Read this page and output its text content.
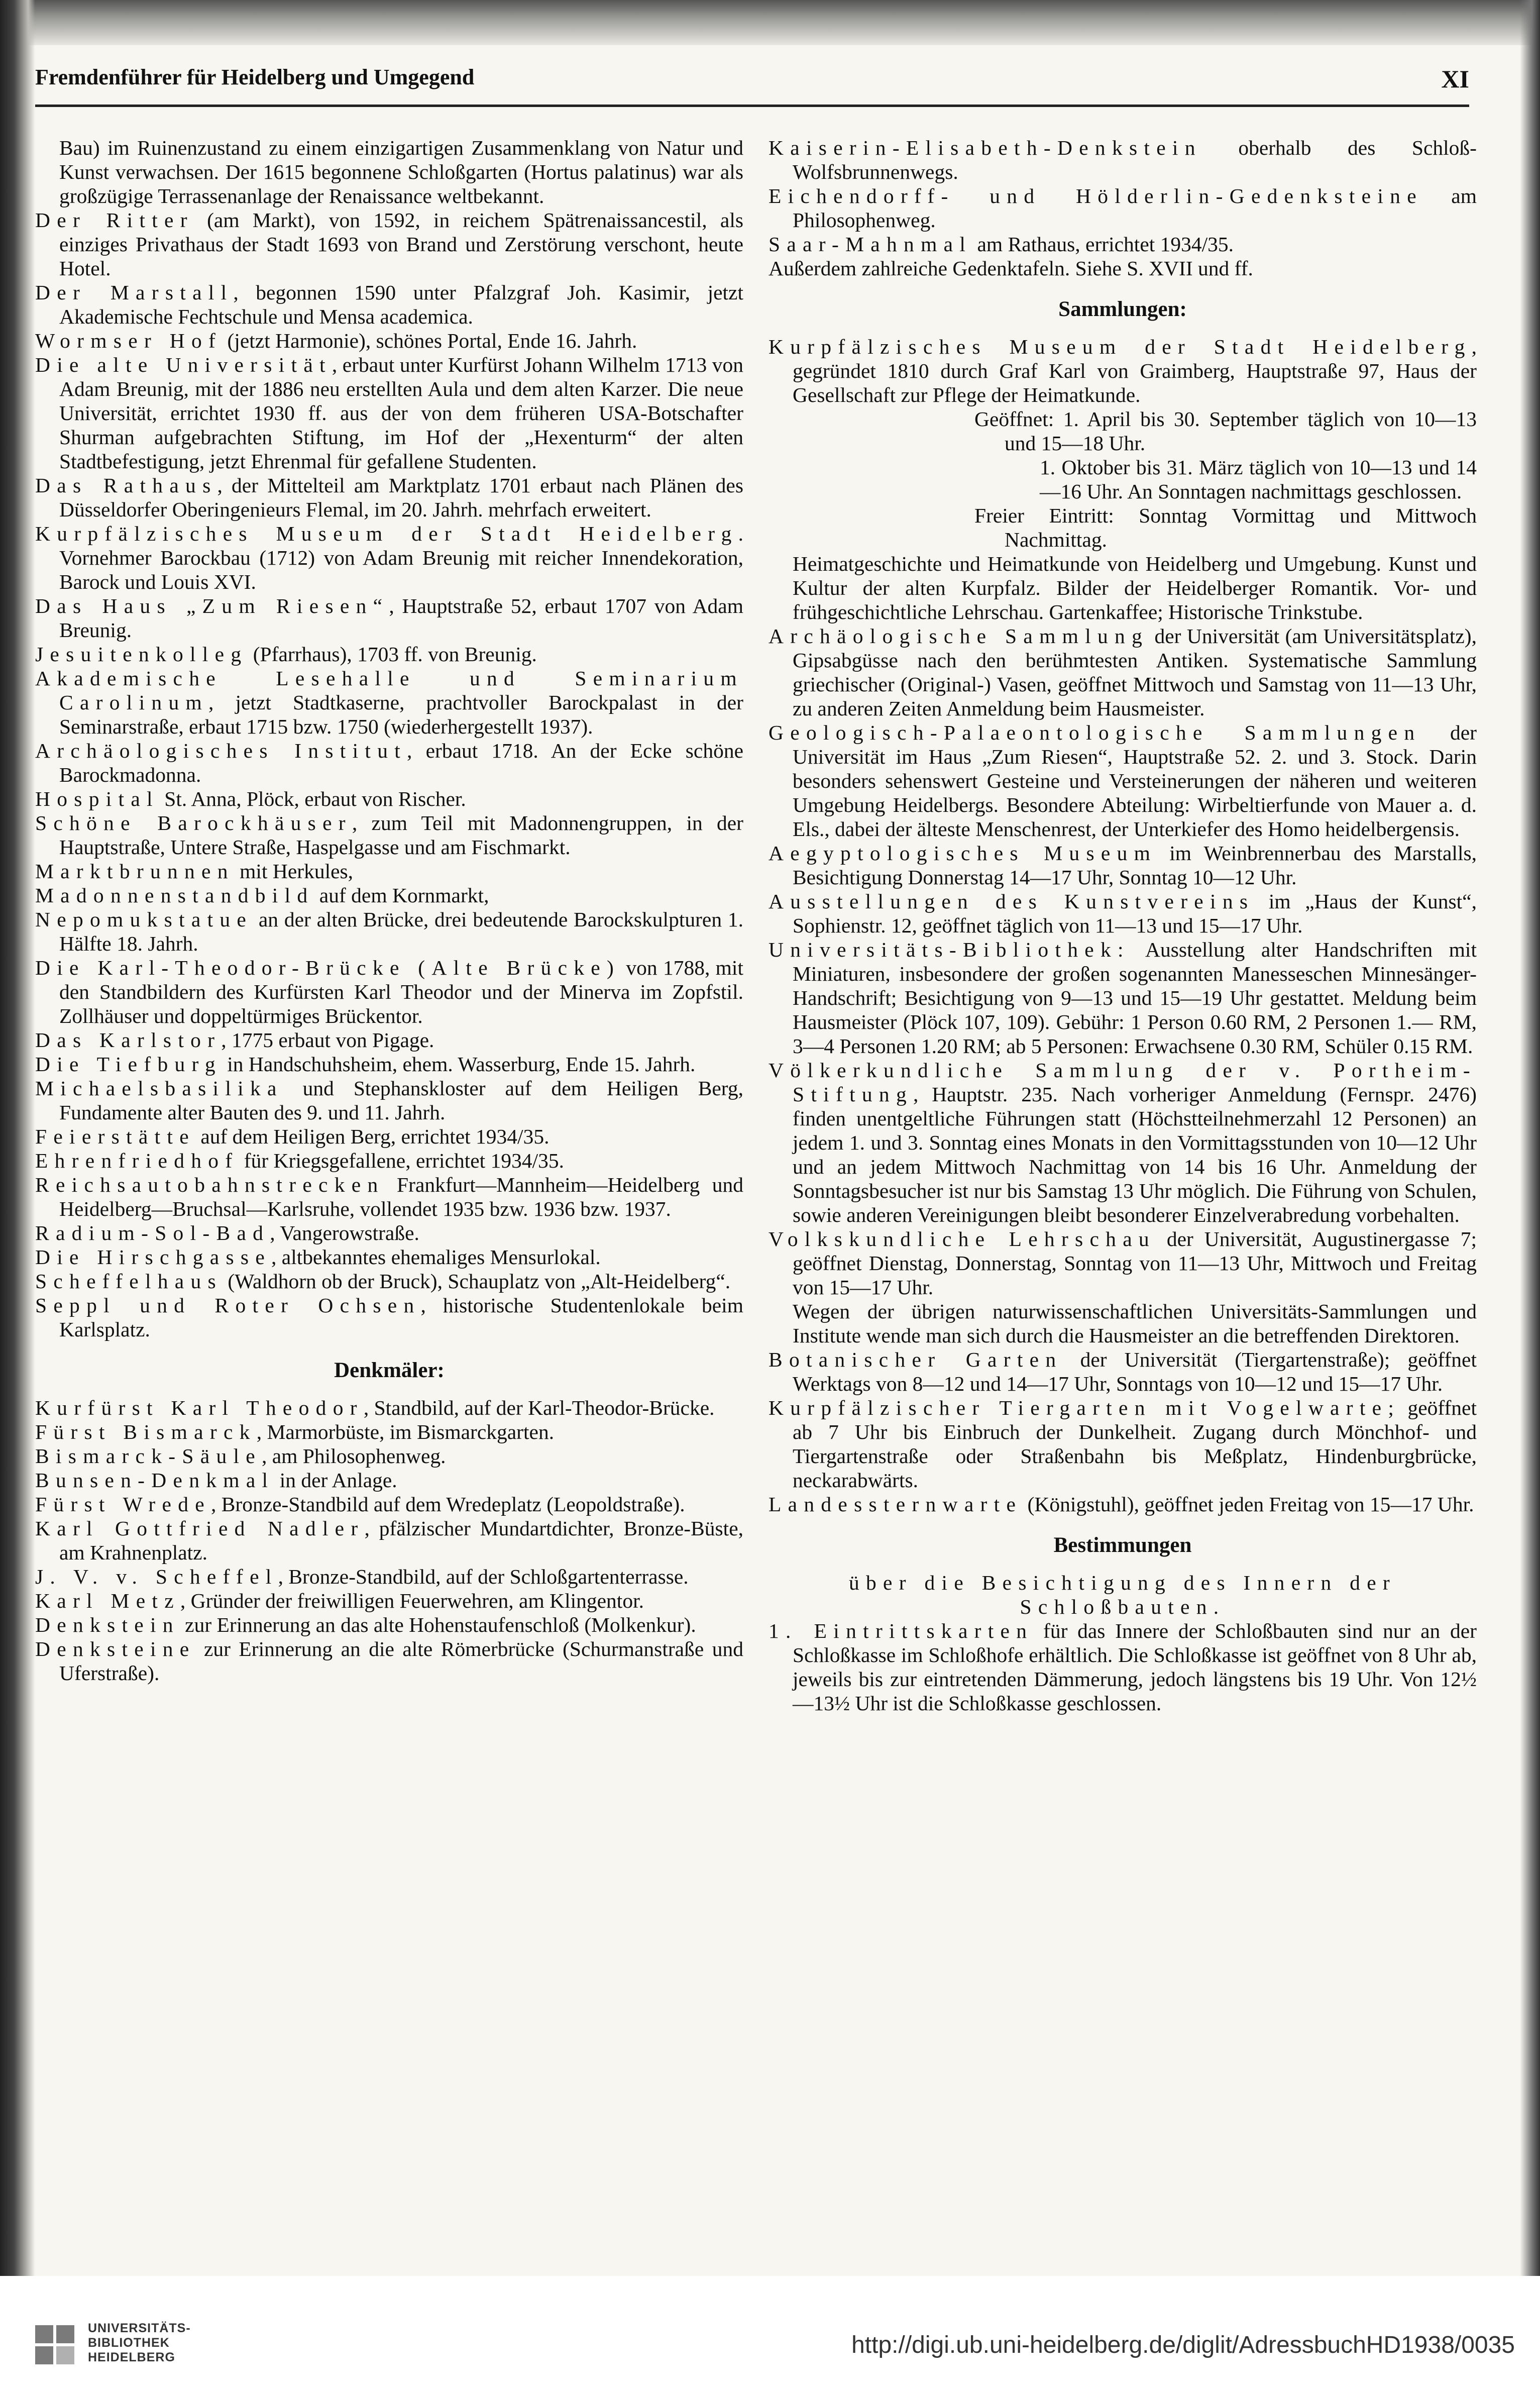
Fremdenführer für Heidelberg und Umgegend	XI

Bau) im Ruinenzustand zu einem einzigartigen Zusammenklang von Natur und Kunst verwachsen. Der 1615 begonnene Schloßgarten (Hortus palatinus) war als großzügige Terrassenanlage der Renaissance weltbekannt.

Der Ritter (am Markt), von 1592, in reichem Spätrenaissancestil, als einziges Privathaus der Stadt 1693 von Brand und Zerstörung verschont, heute Hotel.

Der Marstall, begonnen 1590 unter Pfalzgraf Joh. Kasimir, jetzt Akademische Fechtschule und Mensa academica.

Wormser Hof (jetzt Harmonie), schönes Portal, Ende 16. Jahrh.

Die alte Universität, erbaut unter Kurfürst Johann Wilhelm 1713 von Adam Breunig, mit der 1886 neu erstellten Aula und dem alten Karzer. Die neue Universität, errichtet 1930 ff. aus der von dem früheren USA-Botschafter Shurman aufgebrachten Stiftung, im Hof der „Hexenturm“ der alten Stadtbefestigung, jetzt Ehrenmal für gefallene Studenten.

Das Rathaus, der Mittelteil am Marktplatz 1701 erbaut nach Plänen des Düsseldorfer Oberingenieurs Flemal, im 20. Jahrh. mehrfach erweitert.

Kurpfälzisches Museum der Stadt Heidelberg. Vornehmer Barockbau (1712) von Adam Breunig mit reicher Innendekoration, Barock und Louis XVI.

Das Haus „Zum Riesen“, Hauptstraße 52, erbaut 1707 von Adam Breunig.

Jesuitenkolleg (Pfarrhaus), 1703 ff. von Breunig.

Akademische Lesehalle und Seminarium Carolinum, jetzt Stadtkaserne, prachtvoller Barockpalast in der Seminarstraße, erbaut 1715 bzw. 1750 (wiederhergestellt 1937).

Archäologisches Institut, erbaut 1718. An der Ecke schöne Barockmadonna.

Hospital St. Anna, Plöck, erbaut von Rischer.

Schöne Barockhäuser, zum Teil mit Madonnengruppen, in der Hauptstraße, Untere Straße, Haspelgasse und am Fischmarkt.

Marktbrunnen mit Herkules,

Madonnenstandbild auf dem Kornmarkt,

Nepomukstatue an der alten Brücke, drei bedeutende Barockskulpturen 1. Hälfte 18. Jahrh.

Die Karl-Theodor-Brücke (Alte Brücke) von 1788, mit den Standbildern des Kurfürsten Karl Theodor und der Minerva im Zopfstil. Zollhäuser und doppeltürmiges Brückentor.

Das Karlstor, 1775 erbaut von Pigage.

Die Tiefburg in Handschuhsheim, ehem. Wasserburg, Ende 15. Jahrh.

Michaelsbasilika und Stephanskloster auf dem Heiligen Berg, Fundamente alter Bauten des 9. und 11. Jahrh.

Feierstätte auf dem Heiligen Berg, errichtet 1934/35.

Ehrenfriedhof für Kriegsgefallene, errichtet 1934/35.

Reichsautobahnstrecken Frankfurt—Mannheim—Heidelberg und Heidelberg—Bruchsal—Karlsruhe, vollendet 1935 bzw. 1936 bzw. 1937.

Radium-Sol-Bad, Vangerowstraße.

Die Hirschgasse, altbekanntes ehemaliges Mensurlokal.

Scheffelhaus (Waldhorn ob der Bruck), Schauplatz von „Alt-Heidelberg“.

Seppl und Roter Ochsen, historische Studentenlokale beim Karlsplatz.

Denkmäler:

Kurfürst Karl Theodor, Standbild, auf der Karl-Theodor-Brücke.

Fürst Bismarck, Marmorbüste, im Bismarckgarten.

Bismarck-Säule, am Philosophenweg.

Bunsen-Denkmal in der Anlage.

Fürst Wrede, Bronze-Standbild auf dem Wredeplatz (Leopoldstraße).

Karl Gottfried Nadler, pfälzischer Mundartdichter, Bronze-Büste, am Krahnenplatz.

J. V. v. Scheffel, Bronze-Standbild, auf der Schloßgartenterrasse.

Karl Metz, Gründer der freiwilligen Feuerwehren, am Klingentor.

Denkstein zur Erinnerung an das alte Hohenstaufenschloß (Molkenkur).

Denksteine zur Erinnerung an die alte Römerbrücke (Schurmanstraße und Uferstraße).

Kaiserin-Elisabeth-Denkstein oberhalb des Schloß-Wolfsbrunnenwegs.

Eichendorff- und Hölderlin-Gedenksteine am Philosophenweg.

Saar-Mahnmal am Rathaus, errichtet 1934/35.

Außerdem zahlreiche Gedenktafeln. Siehe S. XVII und ff.

Sammlungen:

Kurpfälzisches Museum der Stadt Heidelberg, gegründet 1810 durch Graf Karl von Graimberg, Hauptstraße 97, Haus der Gesellschaft zur Pflege der Heimatkunde.

Geöffnet: 1. April bis 30. September täglich von 10—13 und 15—18 Uhr.

1. Oktober bis 31. März täglich von 10—13 und 14—16 Uhr. An Sonntagen nachmittags geschlossen.

Freier Eintritt: Sonntag Vormittag und Mittwoch Nachmittag.

Heimatgeschichte und Heimatkunde von Heidelberg und Umgebung. Kunst und Kultur der alten Kurpfalz. Bilder der Heidelberger Romantik. Vor- und frühgeschichtliche Lehrschau. Gartenkaffee; Historische Trinkstube.

Archäologische Sammlung der Universität (am Universitätsplatz), Gipsabgüsse nach den berühmtesten Antiken. Systematische Sammlung griechischer (Original-) Vasen, geöffnet Mittwoch und Samstag von 11—13 Uhr, zu anderen Zeiten Anmeldung beim Hausmeister.

Geologisch-Palaeontologische Sammlungen der Universität im Haus „Zum Riesen“, Hauptstraße 52. 2. und 3. Stock. Darin besonders sehenswert Gesteine und Versteinerungen der näheren und weiteren Umgebung Heidelbergs. Besondere Abteilung: Wirbeltierfunde von Mauer a. d. Els., dabei der älteste Menschenrest, der Unterkiefer des Homo heidelbergensis.

Aegyptologisches Museum im Weinbrennerbau des Marstalls, Besichtigung Donnerstag 14—17 Uhr, Sonntag 10—12 Uhr.

Ausstellungen des Kunstvereins im „Haus der Kunst“, Sophienstr. 12, geöffnet täglich von 11—13 und 15—17 Uhr.

Universitäts-Bibliothek: Ausstellung alter Handschriften mit Miniaturen, insbesondere der großen sogenannten Manesseschen Minnesänger-Handschrift; Besichtigung von 9—13 und 15—19 Uhr gestattet. Meldung beim Hausmeister (Plöck 107, 109). Gebühr: 1 Person 0.60 RM, 2 Personen 1.— RM, 3—4 Personen 1.20 RM; ab 5 Personen: Erwachsene 0.30 RM, Schüler 0.15 RM.

Völkerkundliche Sammlung der v. Portheim-Stiftung, Hauptstr. 235. Nach vorheriger Anmeldung (Fernspr. 2476) finden unentgeltliche Führungen statt (Höchstteilnehmerzahl 12 Personen) an jedem 1. und 3. Sonntag eines Monats in den Vormittagsstunden von 10—12 Uhr und an jedem Mittwoch Nachmittag von 14 bis 16 Uhr. Anmeldung der Sonntagsbesucher ist nur bis Samstag 13 Uhr möglich. Die Führung von Schulen, sowie anderen Vereinigungen bleibt besonderer Einzelverabredung vorbehalten.

Volkskundliche Lehrschau der Universität, Augustinergasse 7; geöffnet Dienstag, Donnerstag, Sonntag von 11—13 Uhr, Mittwoch und Freitag von 15—17 Uhr.

Wegen der übrigen naturwissenschaftlichen Universitäts-Sammlungen und Institute wende man sich durch die Hausmeister an die betreffenden Direktoren.

Botanischer Garten der Universität (Tiergartenstraße); geöffnet Werktags von 8—12 und 14—17 Uhr, Sonntags von 10—12 und 15—17 Uhr.

Kurpfälzischer Tiergarten mit Vogelwarte; geöffnet ab 7 Uhr bis Einbruch der Dunkelheit. Zugang durch Mönchhof- und Tiergartenstraße oder Straßenbahn bis Meßplatz, Hindenburgbrücke, neckarabwärts.

Landessternwarte (Königstuhl), geöffnet jeden Freitag von 15—17 Uhr.

Bestimmungen

über die Besichtigung des Innern der Schloßbauten.

1. Eintrittskarten für das Innere der Schloßbauten sind nur an der Schloßkasse im Schloßhofe erhältlich. Die Schloßkasse ist geöffnet von 8 Uhr ab, jeweils bis zur eintretenden Dämmerung, jedoch längstens bis 19 Uhr. Von 12½—13½ Uhr ist die Schloßkasse geschlossen.

UNIVERSITÄTS-
BIBLIOTHEK
HEIDELBERG	http://digi.ub.uni-heidelberg.de/diglit/AdressbuchHD1938/0035
